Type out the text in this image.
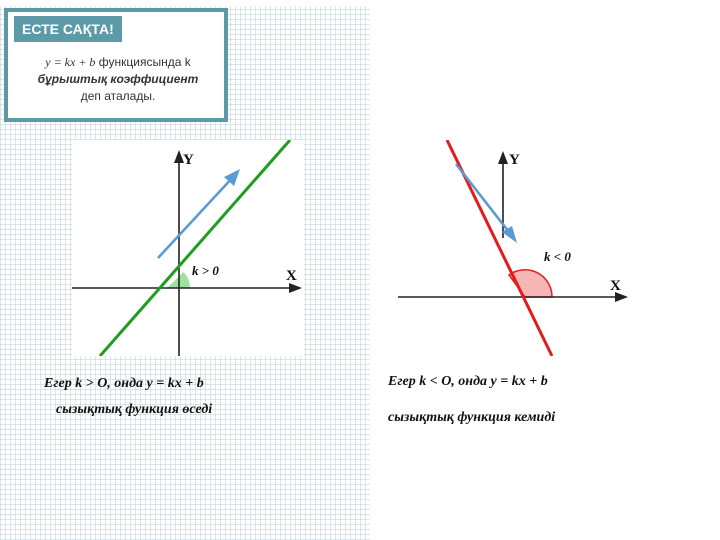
ЕСТЕ САҚТА!
y = kx + b функциясында k
бұрыштық коэффициент
деп аталады.
Y
X
k > 0
Y
X
k < 0
Егер k > O, онда у = kx + b
сызықтық функция өседі
Егер k < O, онда у = kx + b
сызықтық функция кемиді
